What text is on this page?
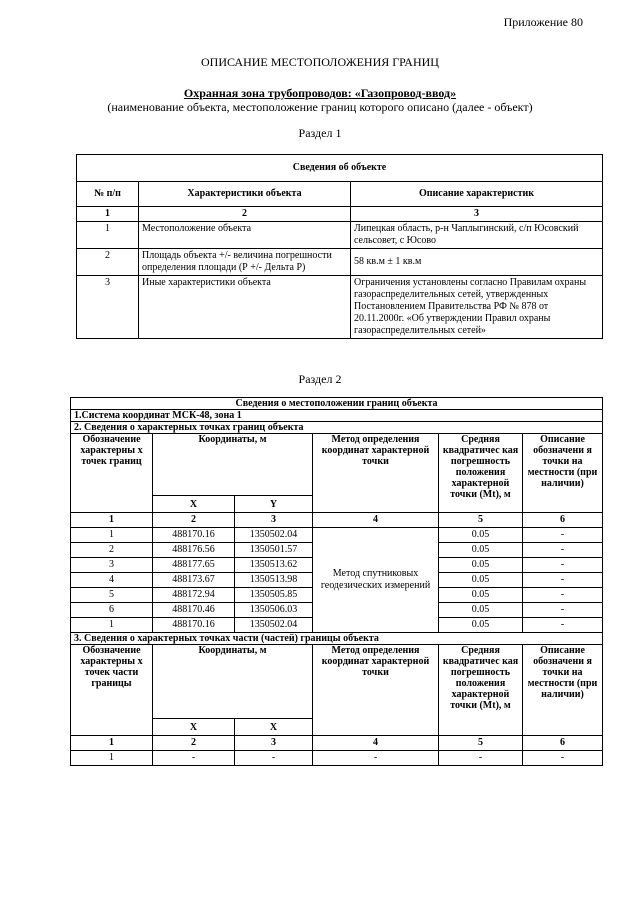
Приложение 80
ОПИСАНИЕ МЕСТОПОЛОЖЕНИЯ ГРАНИЦ
Охранная зона трубопроводов: «Газопровод-ввод»
(наименование объекта, местоположение границ которого описано (далее - объект)
Раздел 1
Сведения об объекте		
№ п/п	Характеристики объекта	Описание характеристик
1	2	3
1	Местоположение объекта	Липецкая область, р-н Чаплыгинский, с/п Юсовский сельсовет, с Юсово
2	Площадь объекта +/- величина погрешности определения площади (Р +/- Дельта Р)	58 кв.м ± 1 кв.м
3	Иные характеристики объекта	Ограничения установлены согласно Правилам охраны газораспределительных сетей, утвержденных Постановлением Правительства РФ № 878 от 20.11.2000г. «Об утверждении Правил охраны газораспределительных сетей»
Раздел 2
Сведения о местоположении границ объекта					
1.Система координат МСК-48, зона 1					
2. Сведения о характерных точках границ объекта					
Обозначение характерны х точек границ	Координаты, м		Метод определения координат характерной точки	Средняя квадратичес кая погрешность положения характерной точки (Mt), м	Описание обозначени я точки на местности (при наличии)
	X	Y			
1	2	3	4	5	6
1	488170.16	1350502.04	Метод спутниковых геодезических измерений	0.05	-
2	488176.56	1350501.57		0.05	-
3	488177.65	1350513.62		0.05	-
4	488173.67	1350513.98		0.05	-
5	488172.94	1350505.85		0.05	-
6	488170.46	1350506.03		0.05	-
1	488170.16	1350502.04		0.05	-
3. Сведения о характерных точках части (частей) границы объекта					
Обозначение характерны х точек части границы	Координаты, м		Метод определения координат характерной точки	Средняя квадратичес кая погрешность положения характерной точки (Mt), м	Описание обозначени я точки на местности (при наличии)
	X	X			
1	2	3	4	5	6
1	-	-	-	-	-
